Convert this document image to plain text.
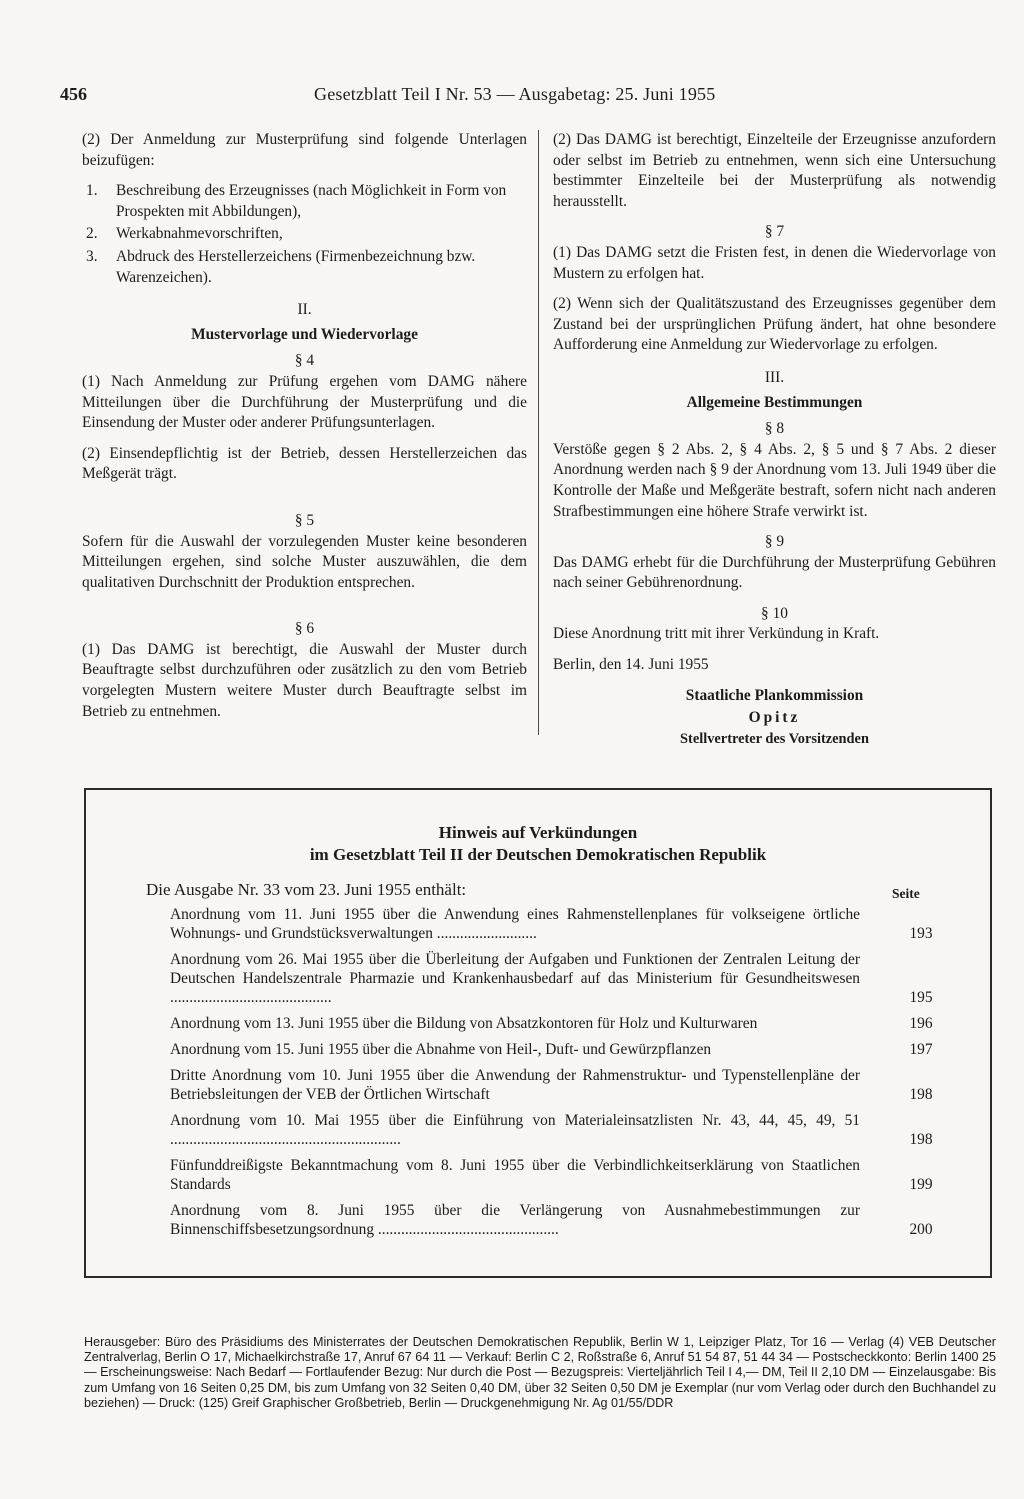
456	Gesetzblatt Teil I Nr. 53 — Ausgabetag: 25. Juni 1955

(2) Der Anmeldung zur Musterprüfung sind folgende Unterlagen beizufügen:

1. Beschreibung des Erzeugnisses (nach Möglichkeit in Form von Prospekten mit Abbildungen),
2. Werkabnahmevorschriften,
3. Abdruck des Herstellerzeichens (Firmenbezeichnung bzw. Warenzeichen).
II.
Mustervorlage und Wiedervorlage
§ 4

(1) Nach Anmeldung zur Prüfung ergehen vom DAMG nähere Mitteilungen über die Durchführung der Musterprüfung und die Einsendung der Muster oder anderer Prüfungsunterlagen.

(2) Einsendepflichtig ist der Betrieb, dessen Herstellerzeichen das Meßgerät trägt.

§ 5

Sofern für die Auswahl der vorzulegenden Muster keine besonderen Mitteilungen ergehen, sind solche Muster auszuwählen, die dem qualitativen Durchschnitt der Produktion entsprechen.

§ 6

(1) Das DAMG ist berechtigt, die Auswahl der Muster durch Beauftragte selbst durchzuführen oder zusätzlich zu den vom Betrieb vorgelegten Mustern weitere Muster durch Beauftragte selbst im Betrieb zu entnehmen.

(2) Das DAMG ist berechtigt, Einzelteile der Erzeugnisse anzufordern oder selbst im Betrieb zu entnehmen, wenn sich eine Untersuchung bestimmter Einzelteile bei der Musterprüfung als notwendig herausstellt.

§ 7

(1) Das DAMG setzt die Fristen fest, in denen die Wiedervorlage von Mustern zu erfolgen hat.

(2) Wenn sich der Qualitätszustand des Erzeugnisses gegenüber dem Zustand bei der ursprünglichen Prüfung ändert, hat ohne besondere Aufforderung eine Anmeldung zur Wiedervorlage zu erfolgen.

III.
Allgemeine Bestimmungen
§ 8

Verstöße gegen § 2 Abs. 2, § 4 Abs. 2, § 5 und § 7 Abs. 2 dieser Anordnung werden nach § 9 der Anordnung vom 13. Juli 1949 über die Kontrolle der Maße und Meßgeräte bestraft, sofern nicht nach anderen Strafbestimmungen eine höhere Strafe verwirkt ist.

§ 9

Das DAMG erhebt für die Durchführung der Musterprüfung Gebühren nach seiner Gebührenordnung.

§ 10

Diese Anordnung tritt mit ihrer Verkündung in Kraft.

Berlin, den 14. Juni 1955

Staatliche Plankommission
Opitz
Stellvertreter des Vorsitzenden
Hinweis auf Verkündungen
im Gesetzblatt Teil II der Deutschen Demokratischen Republik
Die Ausgabe Nr. 33 vom 23. Juni 1955 enthält:	Seite
Anordnung vom 11. Juni 1955 über die Anwendung eines Rahmenstellenplanes für volkseigene örtliche Wohnungs- und Grundstücksverwaltungen ..........................	193
Anordnung vom 26. Mai 1955 über die Überleitung der Aufgaben und Funktionen der Zentralen Leitung der Deutschen Handelszentrale Pharmazie und Krankenhausbedarf auf das Ministerium für Gesundheitswesen ..........................................	195
Anordnung vom 13. Juni 1955 über die Bildung von Absatzkontoren für Holz und Kulturwaren	196
Anordnung vom 15. Juni 1955 über die Abnahme von Heil-, Duft- und Gewürzpflanzen	197
Dritte Anordnung vom 10. Juni 1955 über die Anwendung der Rahmenstruktur- und Typenstellenpläne der Betriebsleitungen der VEB der Örtlichen Wirtschaft	198
Anordnung vom 10. Mai 1955 über die Einführung von Materialeinsatzlisten Nr. 43, 44, 45, 49, 51 ............................................................	198
Fünfunddreißigste Bekanntmachung vom 8. Juni 1955 über die Verbindlichkeitserklärung von Staatlichen Standards	199
Anordnung vom 8. Juni 1955 über die Verlängerung von Ausnahmebestimmungen zur Binnenschiffsbesetzungsordnung ...............................................	200
Herausgeber: Büro des Präsidiums des Ministerrates der Deutschen Demokratischen Republik, Berlin W 1, Leipziger Platz, Tor 16 — Verlag (4) VEB Deutscher Zentralverlag, Berlin O 17, Michaelkirchstraße 17, Anruf 67 64 11 — Verkauf: Berlin C 2, Roßstraße 6, Anruf 51 54 87, 51 44 34 — Postscheckkonto: Berlin 1400 25 — Erscheinungsweise: Nach Bedarf — Fortlaufender Bezug: Nur durch die Post — Bezugspreis: Vierteljährlich Teil I 4,— DM, Teil II 2,10 DM — Einzelausgabe: Bis zum Umfang von 16 Seiten 0,25 DM, bis zum Umfang von 32 Seiten 0,40 DM, über 32 Seiten 0,50 DM je Exemplar (nur vom Verlag oder durch den Buchhandel zu beziehen) — Druck: (125) Greif Graphischer Großbetrieb, Berlin — Druckgenehmigung Nr. Ag 01/55/DDR
